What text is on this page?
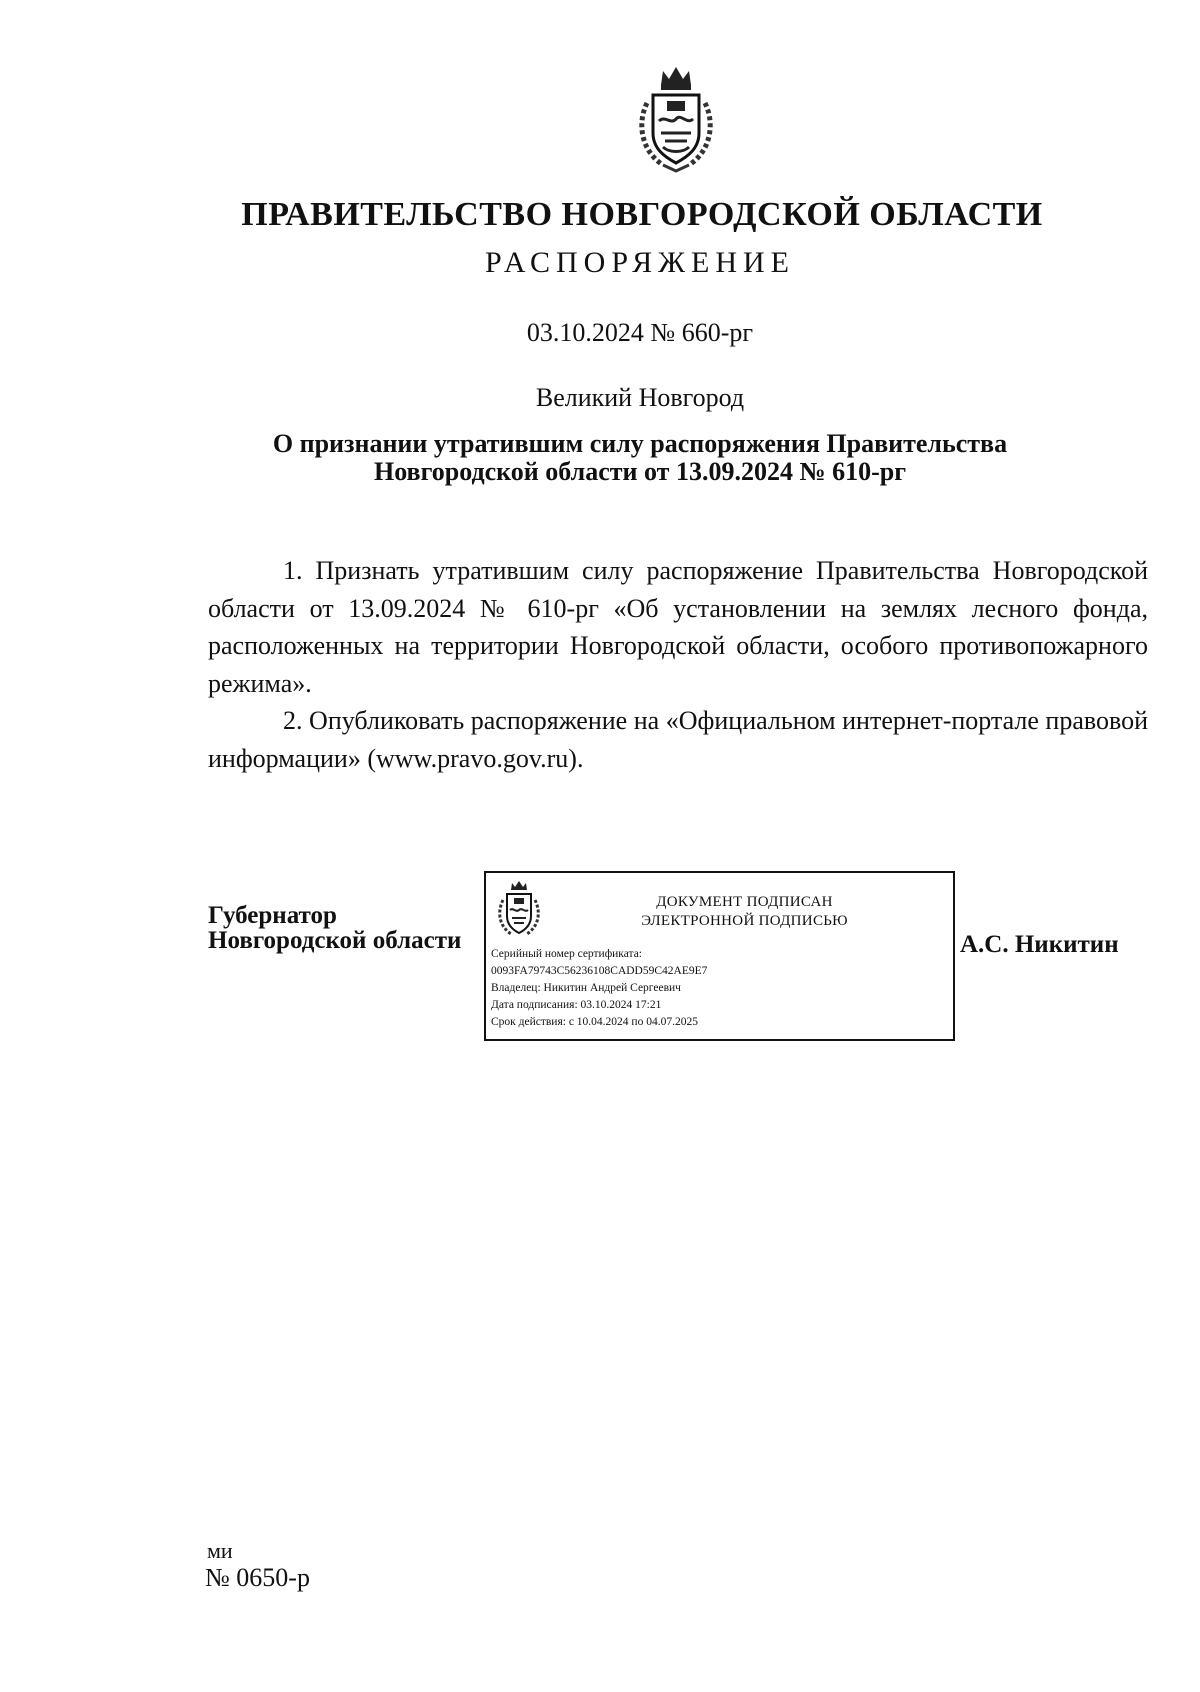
ПРАВИТЕЛЬСТВО НОВГОРОДСКОЙ ОБЛАСТИ
РАСПОРЯЖЕНИЕ
03.10.2024 № 660-рг
Великий Новгород
О признании утратившим силу распоряжения Правительства
Новгородской области от 13.09.2024 № 610-рг

1. Признать утратившим силу распоряжение Правительства Новгородской области от 13.09.2024 № 610-рг «Об установлении на землях лесного фонда, расположенных на территории Новгородской области, особого противопожарного режима».

2. Опубликовать распоряжение на «Официальном интернет-портале правовой информации» (www.pravo.gov.ru).

Губернатор
Новгородской области
ДОКУМЕНТ ПОДПИСАН
ЭЛЕКТРОННОЙ ПОДПИСЬЮ
Серийный номер сертификата:
0093FA79743C56236108CADD59C42AE9E7
Владелец: Никитин Андрей Сергеевич
Дата подписания: 03.10.2024 17:21
Срок действия: с 10.04.2024 по 04.07.2025
А.С. Никитин
ми
№ 0650-р
